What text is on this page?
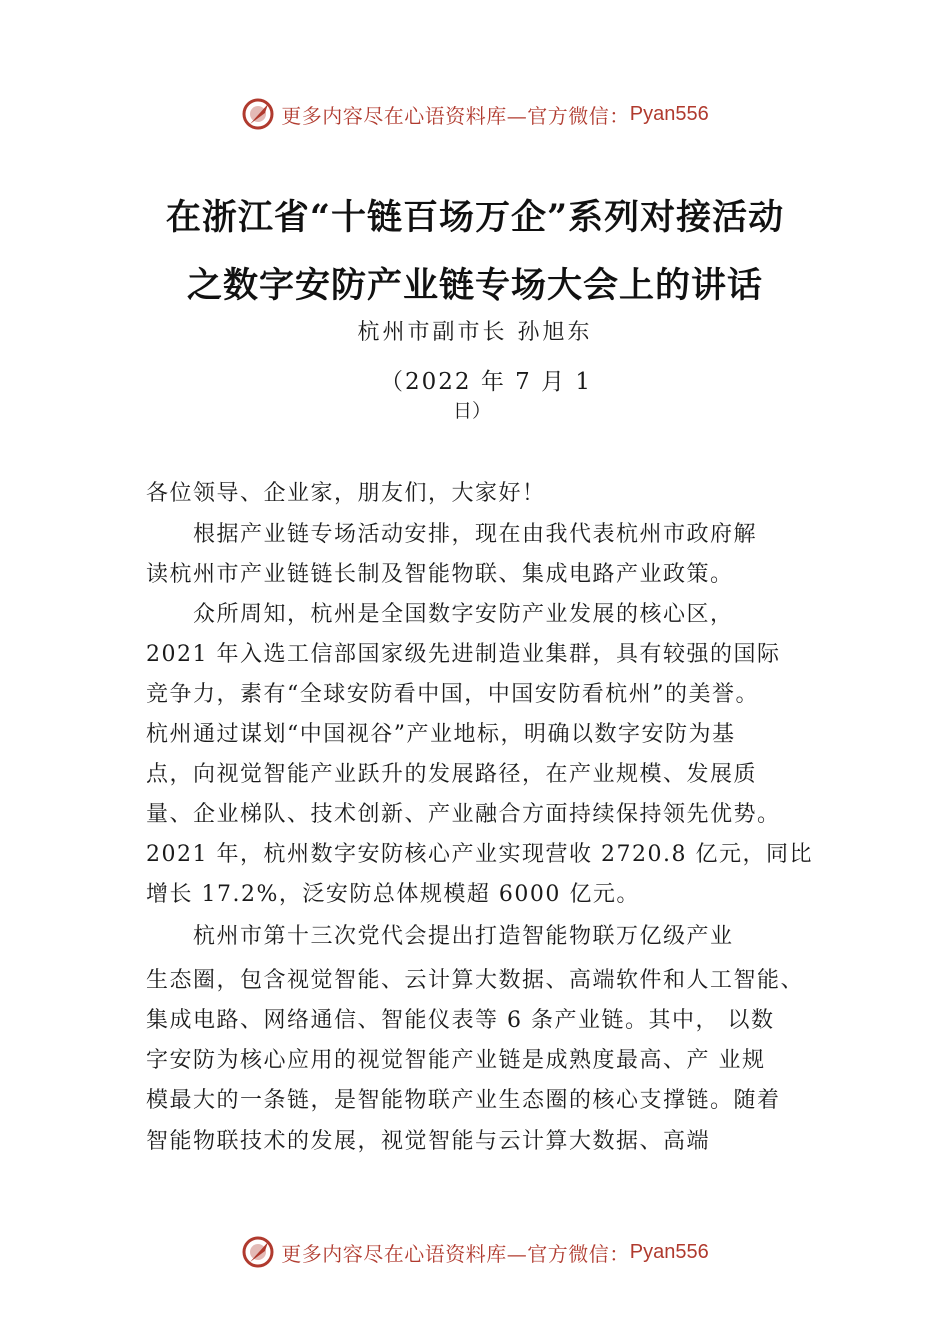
更多内容尽在心语资料库—官方微信： Pyan556
在浙江省“十链百场万企”系列对接活动
之数字安防产业链专场大会上的讲话
杭州市副市长 孙旭东
（2022 年 7 月 1
日）
各位领导、企业家，朋友们，大家好！
　　根据产业链专场活动安排，现在由我代表杭州市政府解
读杭州市产业链链长制及智能物联、集成电路产业政策。
　　众所周知，杭州是全国数字安防产业发展的核心区，
2021 年入选工信部国家级先进制造业集群，具有较强的国际
竞争力，素有“全球安防看中国，中国安防看杭州”的美誉。
杭州通过谋划“中国视谷”产业地标，明确以数字安防为基
点，向视觉智能产业跃升的发展路径，在产业规模、发展质
量、企业梯队、技术创新、产业融合方面持续保持领先优势。
2021 年，杭州数字安防核心产业实现营收 2720.8 亿元，同比
增长 17.2%，泛安防总体规模超 6000 亿元。
　　杭州市第十三次党代会提出打造智能物联万亿级产业
生态圈，包含视觉智能、云计算大数据、高端软件和人工智能、
集成电路、网络通信、智能仪表等 6 条产业链。其中， 以数
字安防为核心应用的视觉智能产业链是成熟度最高、产 业规
模最大的一条链，是智能物联产业生态圈的核心支撑链。随着
智能物联技术的发展，视觉智能与云计算大数据、高端
更多内容尽在心语资料库—官方微信： Pyan556
